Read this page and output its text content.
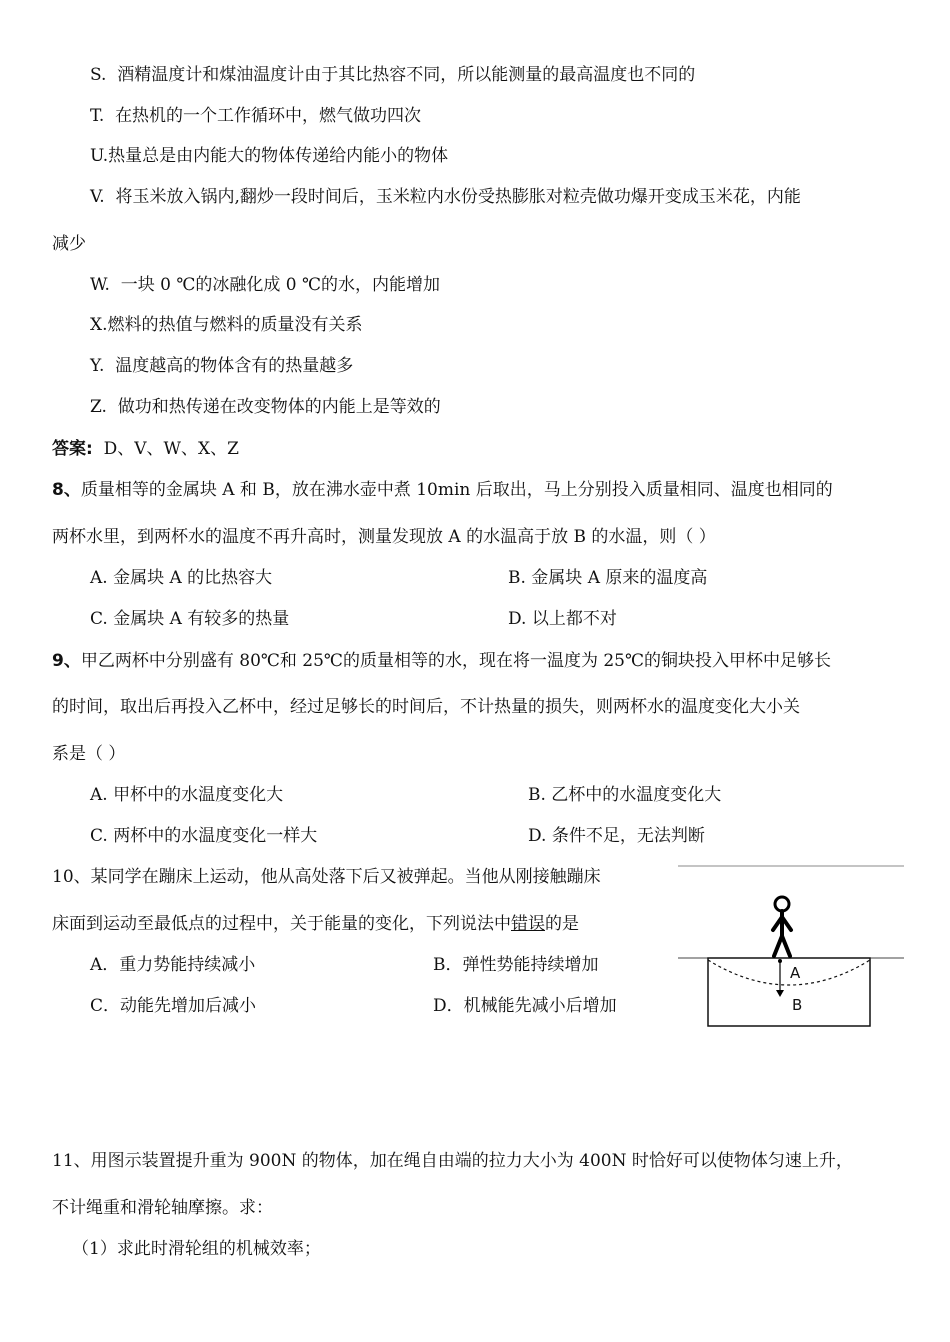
S. 酒精温度计和煤油温度计由于其比热容不同，所以能测量的最高温度也不同的
T. 在热机的一个工作循环中，燃气做功四次
U.热量总是由内能大的物体传递给内能小的物体
V. 将玉米放入锅内,翻炒一段时间后，玉米粒内水份受热膨胀对粒壳做功爆开变成玉米花，内能
减少
W. 一块 0 ℃的冰融化成 0 ℃的水，内能增加
X.燃料的热值与燃料的质量没有关系
Y. 温度越高的物体含有的热量越多
Z. 做功和热传递在改变物体的内能上是等效的
答案: D、V、W、X、Z
8、质量相等的金属块 A 和 B，放在沸水壶中煮 10min 后取出，马上分别投入质量相同、温度也相同的
两杯水里，到两杯水的温度不再升高时，测量发现放 A 的水温高于放 B 的水温，则（ ）
A. 金属块 A 的比热容大	B. 金属块 A 原来的温度高
C. 金属块 A 有较多的热量	D. 以上都不对
9、甲乙两杯中分别盛有 80℃和 25℃的质量相等的水，现在将一温度为 25℃的铜块投入甲杯中足够长
的时间，取出后再投入乙杯中，经过足够长的时间后，不计热量的损失，则两杯水的温度变化大小关
系是（ ）
A. 甲杯中的水温度变化大	B. 乙杯中的水温度变化大
C. 两杯中的水温度变化一样大	D. 条件不足，无法判断
10、某同学在蹦床上运动，他从高处落下后又被弹起。当他从刚接触蹦床
床面到运动至最低点的过程中，关于能量的变化，下列说法中错误的是
A．重力势能持续减小	B．弹性势能持续增加
C．动能先增加后减小	D．机械能先减小后增加
A
B
11、用图示装置提升重为 900N 的物体，加在绳自由端的拉力大小为 400N 时恰好可以使物体匀速上升，
不计绳重和滑轮轴摩擦。求：
（1）求此时滑轮组的机械效率；
